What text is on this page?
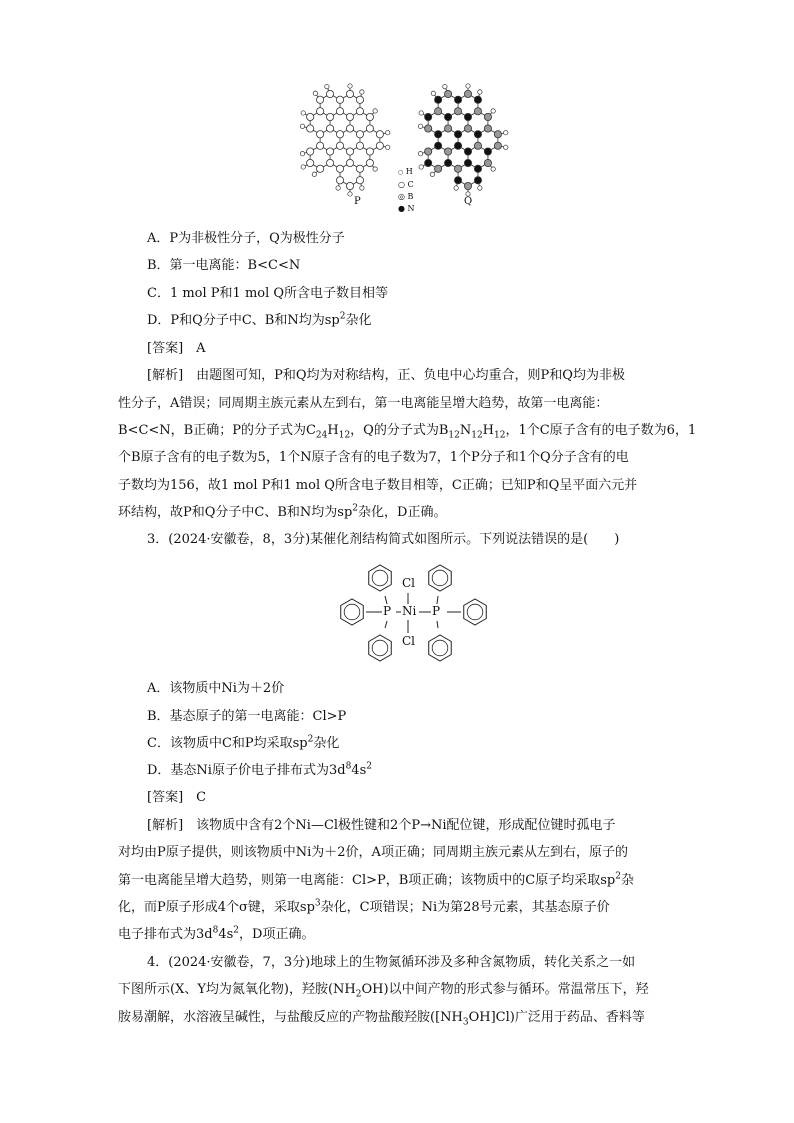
P	Q
○ H
○ C
◎ B
● N
A．P为非极性分子，Q为极性分子
B．第一电离能：B<C<N
C．1 mol P和1 mol Q所含电子数目相等
D．P和Q分子中C、B和N均为$sp^2$杂化
[答案]　 A
[解析]　由题图可知，P和Q均为对称结构，正、负电中心均重合，则P和Q均为非极
性分子，A错误；同周期主族元素从左到右，第一电离能呈增大趋势，故第一电离能：
B<C<N，B正确；P的分子式为$C_{24}H_{12}$，Q的分子式为$B_{12}N_{12}H_{12}$，1个C原子含有的电子数为6，1
个B原子含有的电子数为5，1个N原子含有的电子数为7，1个P分子和1个Q分子含有的电
子数均为156，故1 mol P和1 mol Q所含电子数目相等，C正确；已知P和Q呈平面六元并
环结构，故P和Q分子中C、B和N均为$sp^2$杂化，D正确。
3．(2024·安徽卷，8，3分)某催化剂结构简式如图所示。下列说法错误的是(　　)
Cl
Ni
Cl
P	P
A．该物质中Ni为＋2价
B．基态原子的第一电离能：Cl>P
C．该物质中C和P均采取$sp^2$杂化
D．基态Ni原子价电子排布式为$3d^84s^2$
[答案]　 C
[解析]　该物质中含有2个Ni—Cl极性键和2个P→Ni配位键，形成配位键时孤电子
对均由P原子提供，则该物质中Ni为＋2价，A项正确；同周期主族元素从左到右，原子的
第一电离能呈增大趋势，则第一电离能：Cl>P，B项正确；该物质中的C原子均采取$sp^2$杂
化，而P原子形成4个σ键，采取$sp^3$杂化，C项错误；Ni为第28号元素，其基态原子价
电子排布式为$3d^84s^2$，D项正确。
4．(2024·安徽卷，7，3分)地球上的生物氮循环涉及多种含氮物质，转化关系之一如
下图所示(X、Y均为氮氧化物)，羟胺$(NH_2OH)$以中间产物的形式参与循环。常温常压下，羟
胺易潮解，水溶液呈碱性，与盐酸反应的产物盐酸羟胺$([NH_3OH]Cl)$广泛用于药品、香料等
